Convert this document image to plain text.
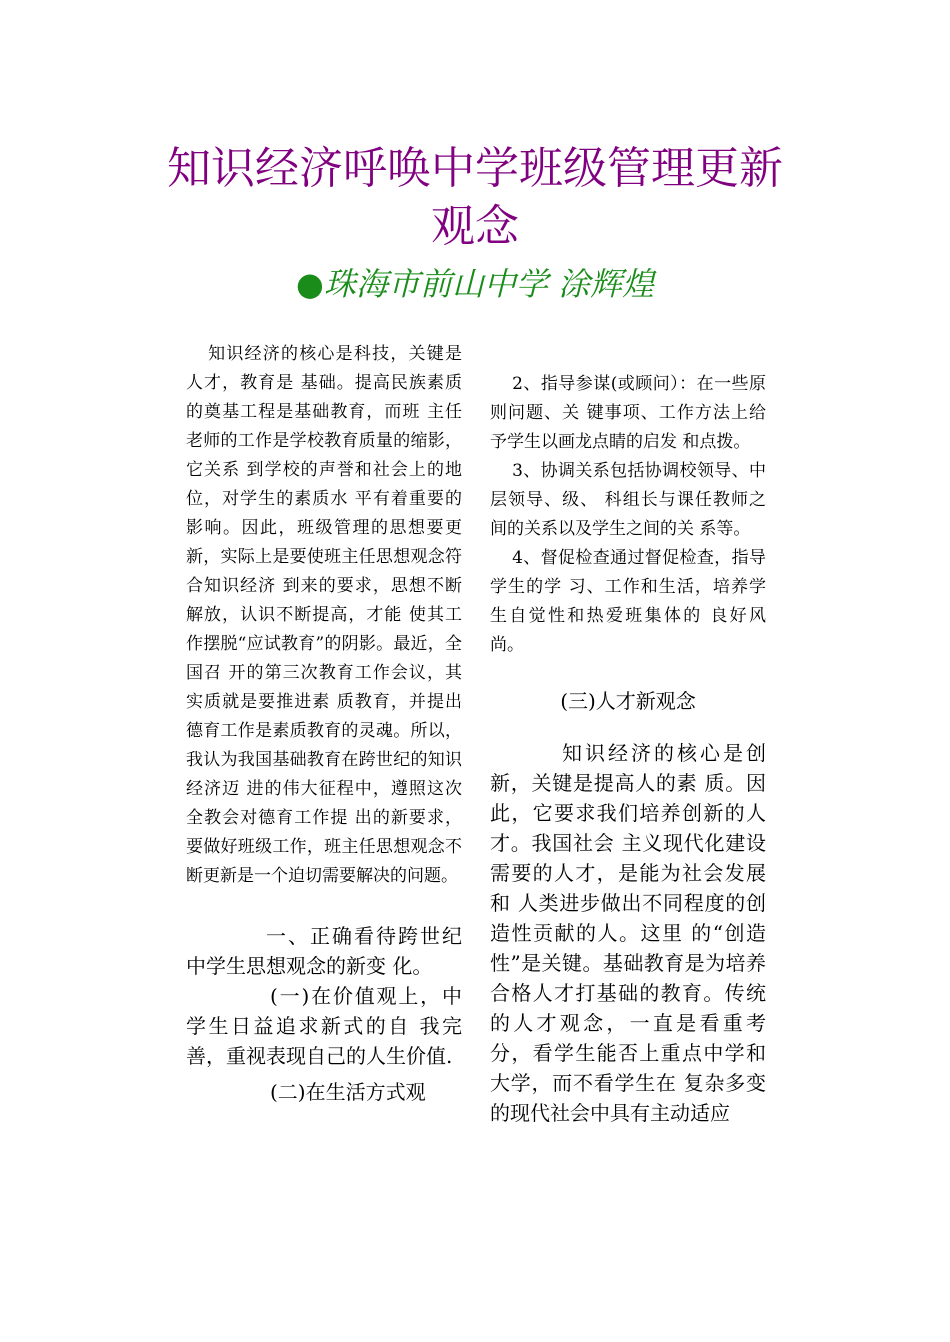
知识经济呼唤中学班级管理更新观念
●珠海市前山中学 涂辉煌

知识经济的核心是科技，关键是人才，教育是 基础。提高民族素质的奠基工程是基础教育，而班 主任老师的工作是学校教育质量的缩影，它关系 到学校的声誉和社会上的地位，对学生的素质水 平有着重要的影响。因此，班级管理的思想要更新，实际上是要使班主任思想观念符合知识经济 到来的要求，思想不断解放，认识不断提高，才能 使其工作摆脱“应试教育”的阴影。最近，全国召 开的第三次教育工作会议，其实质就是要推进素 质教育，并提出德育工作是素质教育的灵魂。所以，我认为我国基础教育在跨世纪的知识经济迈 进的伟大征程中，遵照这次全教会对德育工作提 出的新要求，要做好班级工作，班主任思想观念不 断更新是一个迫切需要解决的问题。

一、正确看待跨世纪中学生思想观念的新变 化。

(一)在价值观上，中学生日益追求新式的自 我完善，重视表现自己的人生价值.

(二)在生活方式观

2、指导参谋(或顾问）：在一些原则问题、关 键事项、工作方法上给予学生以画龙点睛的启发 和点拨。

3、协调关系包括协调校领导、中层领导、级、 科组长与课任教师之间的关系以及学生之间的关 系等。

4、督促检查通过督促检查，指导学生的学 习、工作和生活，培养学生自觉性和热爱班集体的 良好风尚。

(三)人才新观念

知识经济的核心是创新，关键是提高人的素 质。因此，它要求我们培养创新的人才。我国社会 主义现代化建设需要的人才，是能为社会发展和 人类进步做出不同程度的创造性贡献的人。这里 的“创造性”是关键。基础教育是为培养合格人才打基础的教育。传统的人才观念，一直是看重考 分，看学生能否上重点中学和大学，而不看学生在 复杂多变的现代社会中具有主动适应
